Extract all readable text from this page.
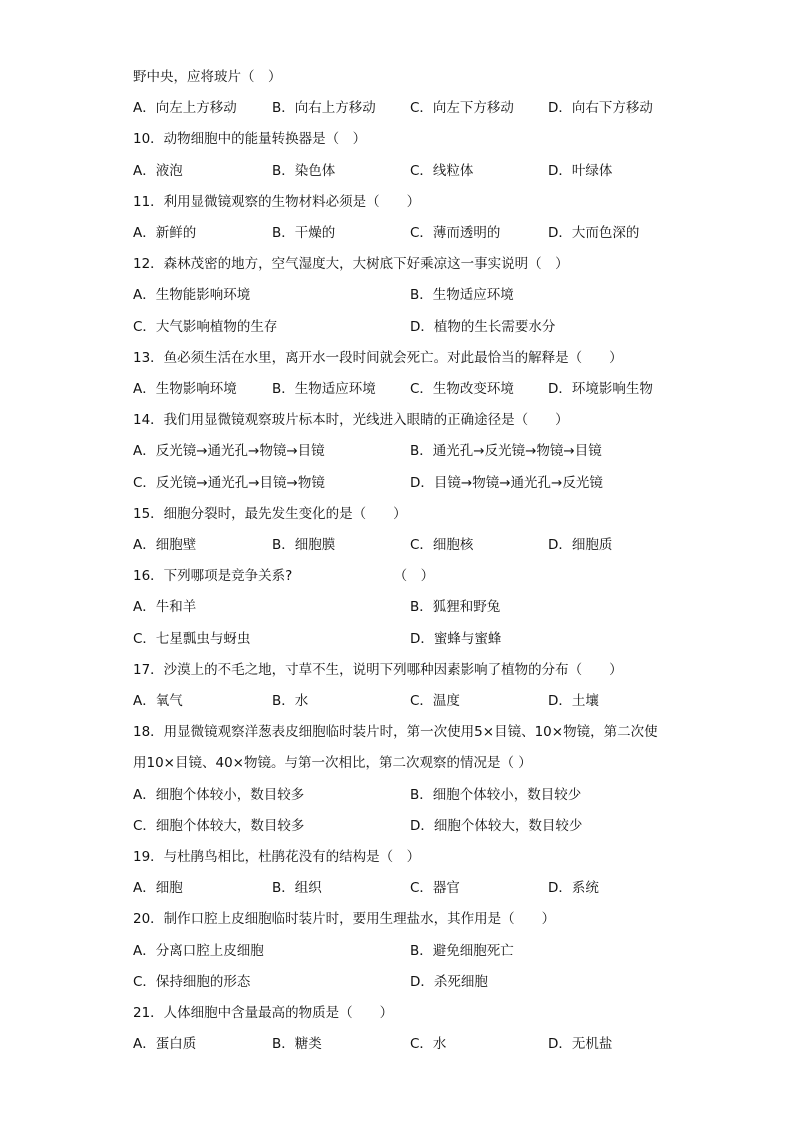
野中央，应将玻片（　）
A．向左上方移动	B．向右上方移动	C．向左下方移动	D．向右下方移动
10．动物细胞中的能量转换器是（　）
A．液泡	B．染色体	C．线粒体	D．叶绿体
11．利用显微镜观察的生物材料必须是（　　）
A．新鲜的	B．干燥的	C．薄而透明的	D．大而色深的
12．森林茂密的地方，空气湿度大，大树底下好乘凉这一事实说明（　）
A．生物能影响环境	B．生物适应环境
C．大气影响植物的生存	D．植物的生长需要水分
13．鱼必须生活在水里，离开水一段时间就会死亡。对此最恰当的解释是（　　）
A．生物影响环境	B．生物适应环境	C．生物改变环境	D．环境影响生物
14．我们用显微镜观察玻片标本时，光线进入眼睛的正确途径是（　　）
A．反光镜→通光孔→物镜→目镜	B．通光孔→反光镜→物镜→目镜
C．反光镜→通光孔→目镜→物镜	D．目镜→物镜→通光孔→反光镜
15．细胞分裂时，最先发生变化的是（　　）
A．细胞壁	B．细胞膜	C．细胞核	D．细胞质
16．下列哪项是竞争关系?　　　　　　　　（　）
A．牛和羊	B．狐狸和野兔
C．七星瓢虫与蚜虫	D．蜜蜂与蜜蜂
17．沙漠上的不毛之地，寸草不生，说明下列哪种因素影响了植物的分布（　　）
A．氧气	B．水	C．温度	D．土壤
18．用显微镜观察洋葱表皮细胞临时装片时，第一次使用5×目镜、10×物镜，第二次使
用10×目镜、40×物镜。与第一次相比，第二次观察的情况是（ ）
A．细胞个体较小，数目较多	B．细胞个体较小，数目较少
C．细胞个体较大，数目较多	D．细胞个体较大，数目较少
19．与杜鹃鸟相比，杜鹃花没有的结构是（　）
A．细胞	B．组织	C．器官	D．系统
20．制作口腔上皮细胞临时装片时，要用生理盐水，其作用是（　　）
A．分离口腔上皮细胞	B．避免细胞死亡
C．保持细胞的形态	D．杀死细胞
21．人体细胞中含量最高的物质是（　　）
A．蛋白质	B．糖类	C．水	D．无机盐
